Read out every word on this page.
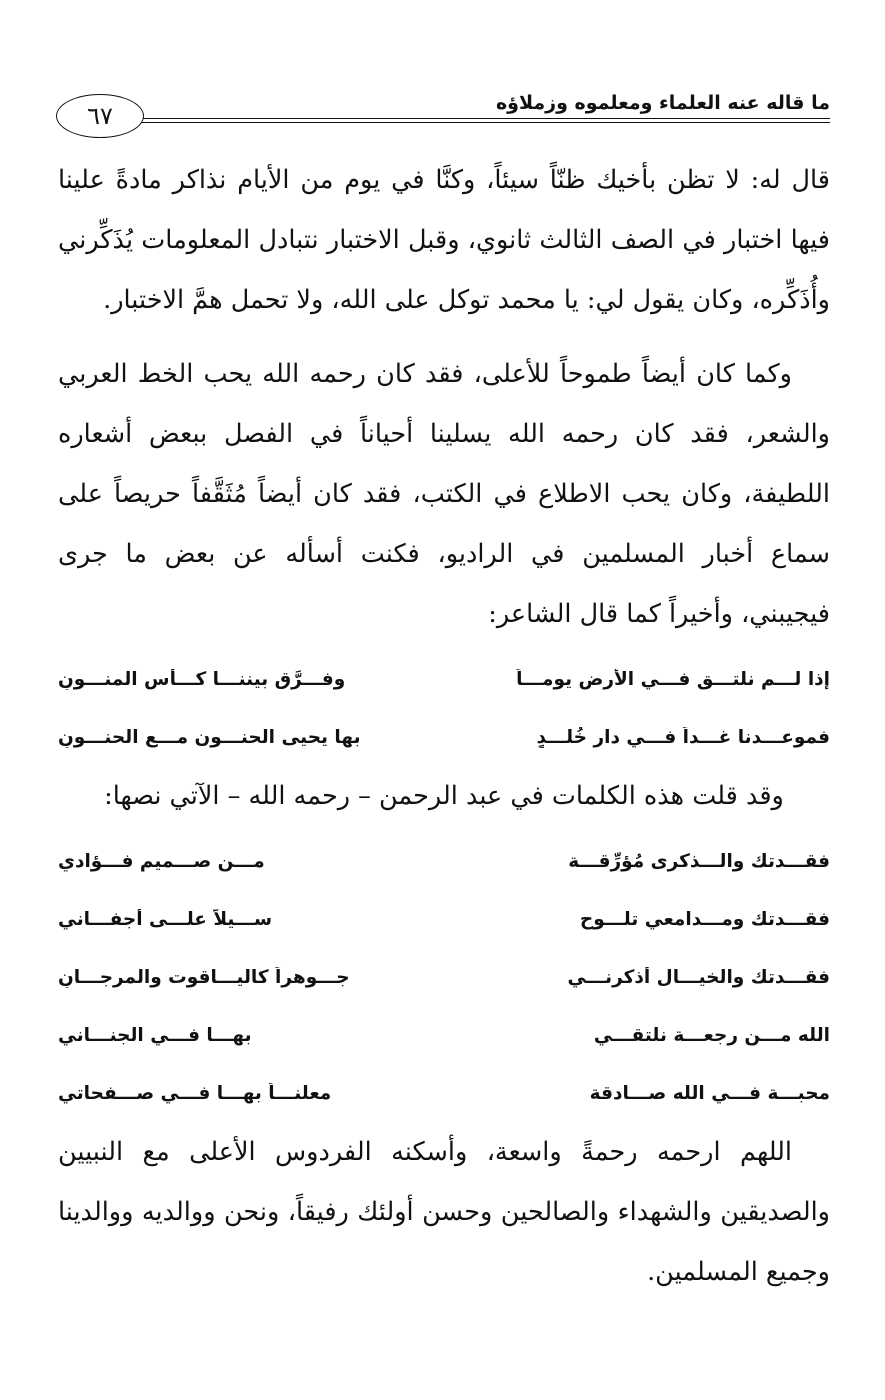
ما قاله عنه العلماء ومعلموه وزملاؤه
٦٧

قال له: لا تظن بأخيك ظنّاً سيئاً، وكنَّا في يوم من الأيام نذاكر مادةً علينا فيها اختبار في الصف الثالث ثانوي، وقبل الاختبار نتبادل المعلومات يُذَكِّرني وأُذَكِّره، وكان يقول لي: يا محمد توكل على الله، ولا تحمل همَّ الاختبار.

وكما كان أيضاً طموحاً للأعلى، فقد كان رحمه الله يحب الخط العربي والشعر، فقد كان رحمه الله يسلينا أحياناً في الفصل ببعض أشعاره اللطيفة، وكان يحب الاطلاع في الكتب، فقد كان أيضاً مُثَقَّفاً حريصاً على سماع أخبار المسلمين في الراديو، فكنت أسأله عن بعض ما جرى فيجيبني، وأخيراً كما قال الشاعر:

إذا لـــم نلتـــق فـــي الأرض يومـــاً
وفـــرَّق بيننـــا كـــأس المنـــونِ
فموعـــدنا غـــداً فـــي دارِ خُلـــدٍ
بها يحيى الحنـــون مـــع الحنـــونِ

وقد قلت هذه الكلمات في عبد الرحمن – رحمه الله – الآتي نصها:

فقـــدتك والـــذكرى مُؤرِّقـــة
مـــن صـــميم فـــؤادي
فقـــدتك ومـــدامعي تلـــوح
ســـيلاً علـــى أجفـــاني
فقـــدتك والخيـــال أذكرنـــي
جـــوهراً كاليـــاقوت والمرجـــانِ
الله مـــن رجعـــة نلتقـــي
بهـــا فـــي الجنـــاني
محبـــة فـــي الله صـــادقة
معلنـــاً بهـــا فـــي صـــفحاتي

اللهم ارحمه رحمةً واسعة، وأسكنه الفردوس الأعلى مع النبيين والصديقين والشهداء والصالحين وحسن أولئك رفيقاً، ونحن ووالديه ووالدينا وجميع المسلمين.
